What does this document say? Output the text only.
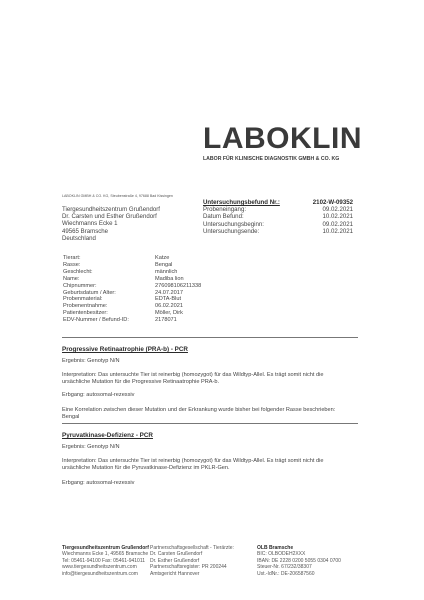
LABOKLIN
LABOR FÜR KLINISCHE DIAGNOSTIK GMBH & CO. KG
LABOKLIN GMBH & CO. KG, Steubenstraße 4, 97688 Bad Kissingen
Tiergesundheitszentrum Grußendorf
Dr. Carsten und Esther Grußendorf
Wiechmanns Ecke 1
49565 Bramsche
Deutschland
Untersuchungsbefund Nr.:	2102-W-09352
Probeneingang:	09.02.2021
Datum Befund:	10.02.2021
Untersuchungsbeginn:	09.02.2021
Untersuchungsende:	10.02.2021
Tierart:	Katze
Rasse:	Bengal
Geschlecht:	männlich
Name:	Madiba lion
Chipnummer:	276098106211338
Geburtsdatum / Alter:	24.07.2017
Probenmaterial:	EDTA-Blut
Probenentnahme:	06.02.2021
Patientenbesitzer:	Möller, Dirk
EDV-Nummer / Befund-ID:	2178071
Progressive Retinaatrophie (PRA-b) - PCR
Ergebnis: Genotyp N/N
Interpretation: Das untersuchte Tier ist reinerbig (homozygot) für das Wildtyp-Allel. Es trägt somit nicht die
ursächliche Mutation für die Progressive Retinaatrophie PRA-b.
Erbgang: autosomal-rezessiv
Eine Korrelation zwischen dieser Mutation und der Erkrankung wurde bisher bei folgender Rasse beschrieben:
Bengal
Pyruvatkinase-Defizienz - PCR
Ergebnis: Genotyp N/N
Interpretation: Das untersuchte Tier ist reinerbig (homozygot) für das Wildtyp-Allel. Es trägt somit nicht die
ursächliche Mutation für die Pyruvatkinase-Defizienz im PKLR-Gen.
Erbgang: autosomal-rezessiv
Tiergesundheitszentrum Grußendorf
Wiechmanns Ecke 1, 49565 Bramsche
Tel: 05461-94100 Fax: 05461-941011
www.tiergesundheitszentrum.com
info@tiergesundheitszentrum.com
Partnerschaftsgesellschaft - Tierärzte:
Dr. Carsten Grußendorf
Dr. Esther Grußendorf
Partnerschaftsregister: PR 200244
Amtsgericht Hannover
OLB Bramsche
BIC: OLBODEH2XXX
IBAN: DE 2228 0200 5055 0304 0700
Steuer-Nr. 67/232/38307
Ust.-IdNr.: DE-206587560
